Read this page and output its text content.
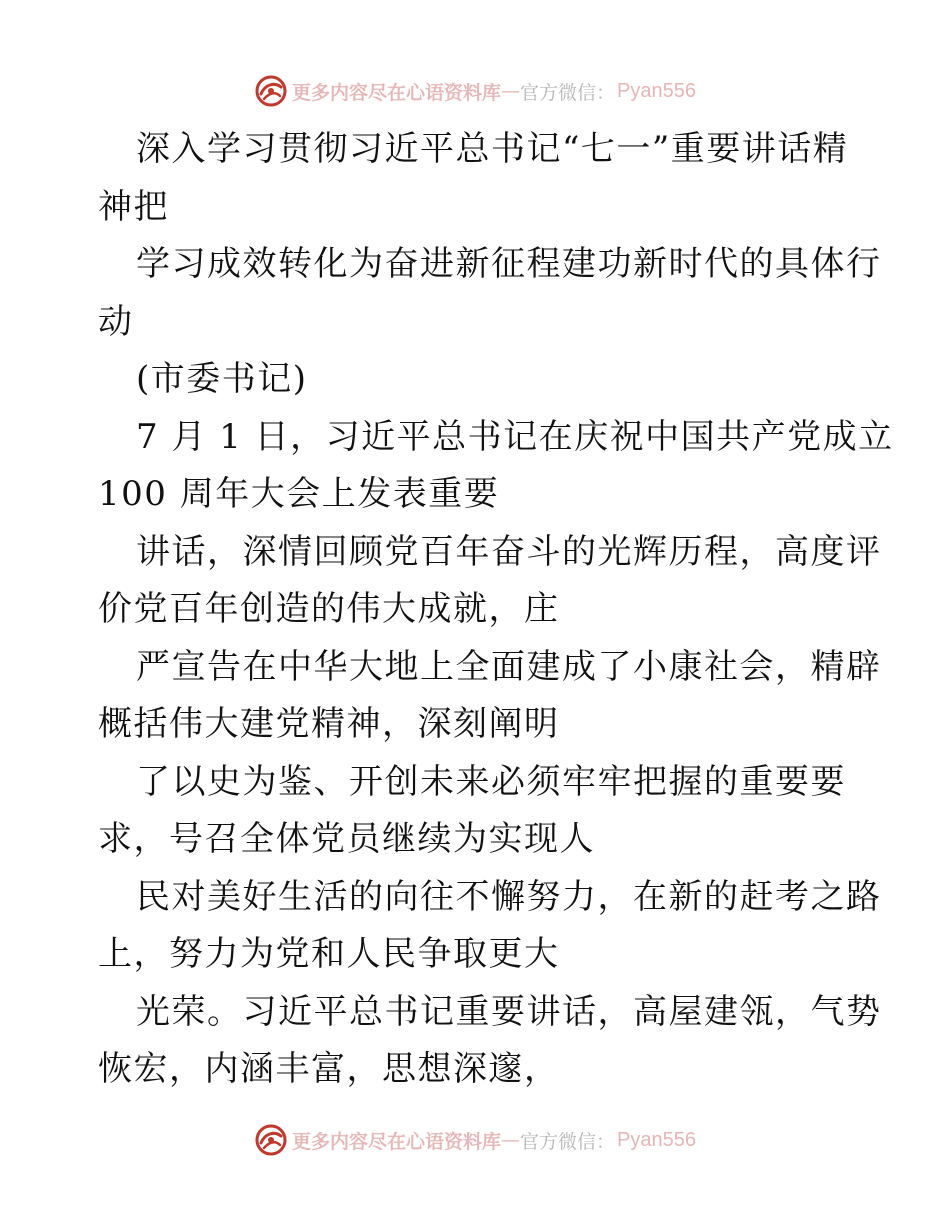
更多内容尽在心语资料库 — 官方微信： Pyan556
深入学习贯彻习近平总书记“七一”重要讲话精
神把
学习成效转化为奋进新征程建功新时代的具体行
动
(市委书记)
7 月 1 日，习近平总书记在庆祝中国共产党成立
100 周年大会上发表重要
讲话，深情回顾党百年奋斗的光辉历程，高度评
价党百年创造的伟大成就，庄
严宣告在中华大地上全面建成了小康社会，精辟
概括伟大建党精神，深刻阐明
了以史为鉴、开创未来必须牢牢把握的重要要
求，号召全体党员继续为实现人
民对美好生活的向往不懈努力，在新的赶考之路
上，努力为党和人民争取更大
光荣。习近平总书记重要讲话，高屋建瓴，气势
恢宏，内涵丰富，思想深邃，
更多内容尽在心语资料库 — 官方微信： Pyan556
